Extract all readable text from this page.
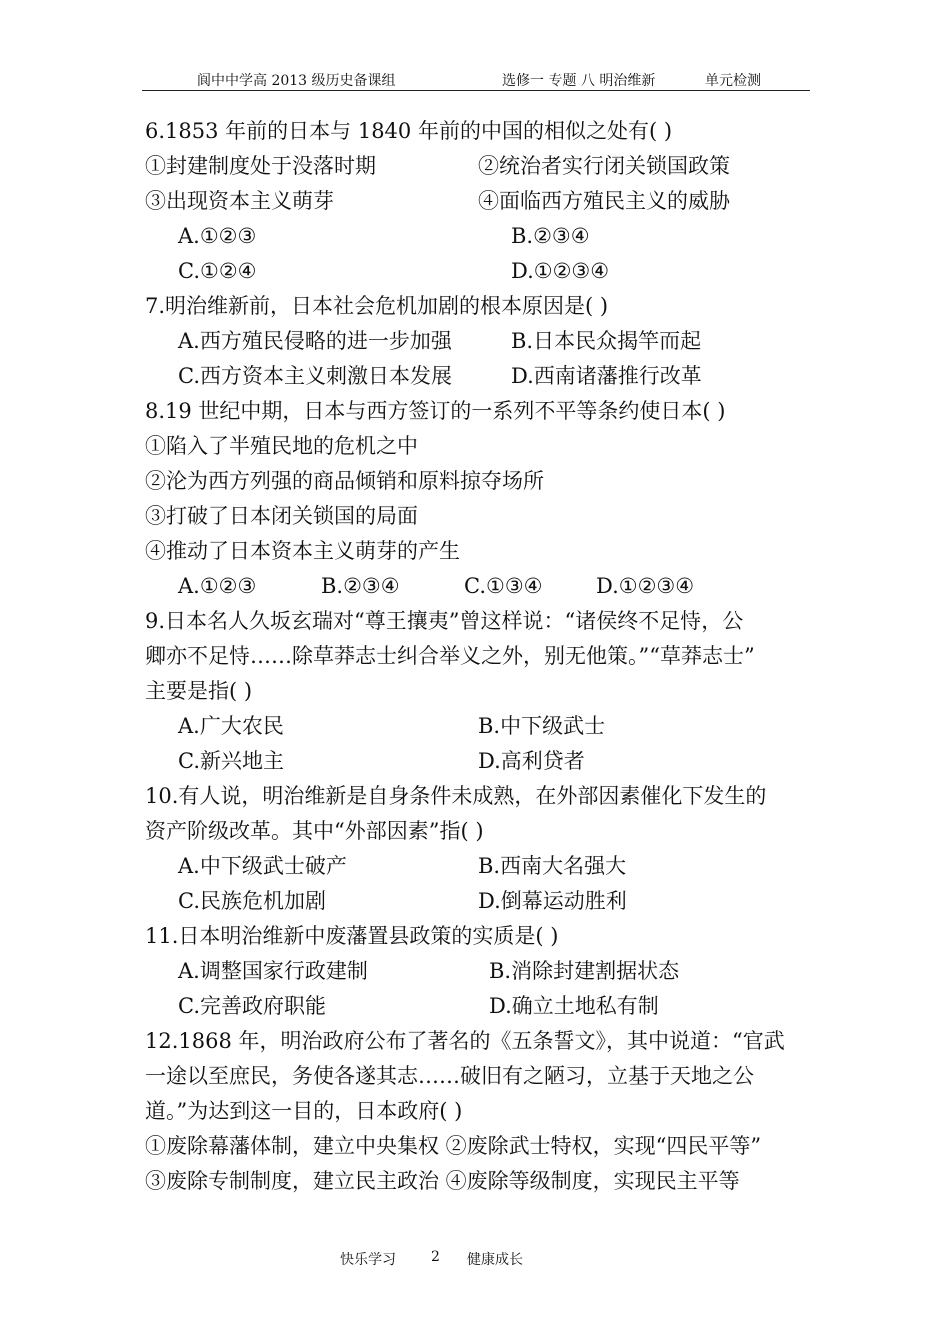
阆中中学高 2013 级历史备课组	选修一 专题 八 明治维新	单元检测
6.1853 年前的日本与 1840 年前的中国的相似之处有( )
①封建制度处于没落时期	②统治者实行闭关锁国政策
③出现资本主义萌芽	④面临西方殖民主义的威胁
A.①②③	B.②③④
C.①②④	D.①②③④
7.明治维新前，日本社会危机加剧的根本原因是( )
A.西方殖民侵略的进一步加强	B.日本民众揭竿而起
C.西方资本主义刺激日本发展	D.西南诸藩推行改革
8.19 世纪中期，日本与西方签订的一系列不平等条约使日本( )
①陷入了半殖民地的危机之中
②沦为西方列强的商品倾销和原料掠夺场所
③打破了日本闭关锁国的局面
④推动了日本资本主义萌芽的产生
A.①②③	B.②③④	C.①③④	D.①②③④
9.日本名人久坂玄瑞对“尊王攘夷”曾这样说：“诸侯终不足恃，公
卿亦不足恃……除草莽志士纠合举义之外，别无他策。”“草莽志士”
主要是指( )
A.广大农民	B.中下级武士
C.新兴地主	D.高利贷者
10.有人说，明治维新是自身条件未成熟，在外部因素催化下发生的
资产阶级改革。其中“外部因素”指( )
A.中下级武士破产	B.西南大名强大
C.民族危机加剧	D.倒幕运动胜利
11.日本明治维新中废藩置县政策的实质是( )
A.调整国家行政建制	B.消除封建割据状态
C.完善政府职能	D.确立土地私有制
12.1868 年，明治政府公布了著名的《五条誓文》，其中说道：“官武
一途以至庶民，务使各遂其志……破旧有之陋习，立基于天地之公
道。”为达到这一目的，日本政府( )
①废除幕藩体制，建立中央集权 ②废除武士特权，实现“四民平等”
③废除专制制度，建立民主政治 ④废除等级制度，实现民主平等
快乐学习	2 健康成长
